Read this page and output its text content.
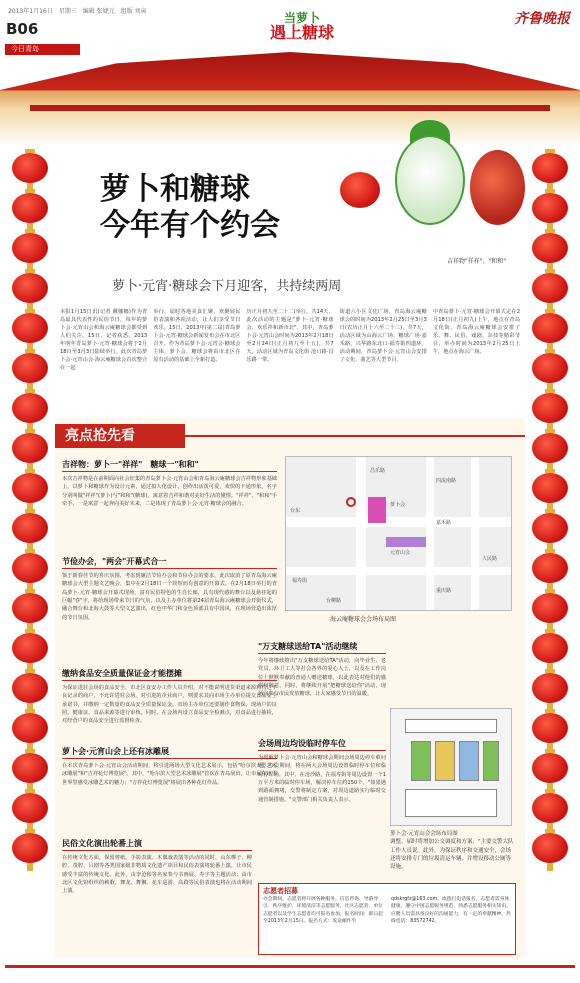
2013年1月16日　星期三　编辑 张婕元　组版 刘寅
B06
今日青岛
齐鲁晚报
当萝卜
遇上糖球
吉祥物"祥祥"、"和和"
萝卜和糖球
今年有个约会
萝卜·元宵·糖球会下月迎客，共持续两周
本报1月15日讯(记者 戴娜娜)作为青岛最具代表性的民俗节日，每年的萝卜会·元宵山会和海云庵糖球会都受到人们关注。15日，记者获悉，2013年明年青岛萝卜·元宵·糖球会将于2月18日至3月3日陆续举行。此次青岛萝卜会·元宵山会·海云庵糖球会首次整合在一起
举行，届时各地美食汇聚，欢聚展民俗表演和各项活动，让人们享受节日欢乐。15日，2013年(第二届)青岛萝卜会·元宵·糖球会新闻发布会在市北区召开。作为青岛萝卜会·元宵会·糖球会主体，萝卜会、糖球会将由市北区在原有活动的基础上全新打造。
历正月初九至二十二)举行，共14天，此次活动的主题是"萝卜·元宵·糖球会，欢乐祥和新市北"。其中，青岛萝卜会·元宵山会时间为2013年2月18日至2月24日(正月初九至十五)，共7天，活动区域为青岛文化街·沧口路·昌乐路一带。
街道六小区文化广场，青岛海云庵糖球会的时间为2013年2月25日至3月3日(农历正月十六至二十二)，共7天，活动区域为山海云广场，糖球广场·嘉禾路，兴华路东北口·福寿街四道环。活动期间，青岛萝卜会·元宵山会安排了文化、曲艺等大型节目。
中青岛萝卜·元宵·糖球会开幕式定在2月18日(正月初九)上午，地点在青岛文化街，青岛海云庵糖球会安排了乐、舞、民俗、戏剧、杂技等精彩节目，举办时间为2013年2月25日上午，地点在海云广场。
亮点抢先看
吉祥物：萝卜一"祥祥"　糖球一"和和"
本次吉祥物是在前期面向社会征集的青岛萝卜会·元宵山会和青岛海云庵糖球会吉祥物形象基础上，以萝卜和糖球作为设计元素，通过拟人化设计，创作出活泼可爱、欢快的卡通形象，名字分别叫做"祥祥"(萝卜)与"和和"(糖球)，寓意着吉祥和谐对美好生活的憧憬。"祥祥"、"和和"手牵手，一是寓意一起奔向美好未来，二是体现了青岛萝卜会·元宵·糖球会的融合。
节俭办会，"两会"开幕式合一
鉴于新春佳节的喜庆氛围，考虑到廉洁节俭办会和节俭办会的要求，此次取消了原青岛海云庵糖球会大型主题文艺晚会，集中在2月18日一个简短而有创意的开幕式。在2月18日举行的青岛萝卜·元宵·糖球会开幕式现场，富有民俗特色的生肖长廊，具有现代感的舞台以及悬挂起的巨幅"春"字，将给现场带来节日的气氛，以及主办单位将第24届青岛海云庵糖球会开街仪式，融合舞台和北海大鼓等大型文艺演出，红色中华门和金色顶部具有中国风，在现场营造出浓厚的节日氛围。
缴纳食品安全质量保证金才能摆摊
为保证进驻会场的食品安全，市北区食安办工作人员介绍，对不能说明进货渠道来源和有过不良记录的商户，不允许进驻会场。对引进的企业商户，则要求其向市场主办单位提交食品安全承诺书，并缴纳一定数量的食品安全质量保证金。市场主办单位还要制作食物保，现场户的证照、健康证、食品来源等进行审核。同时，在会场内设立食品安全检测点，对食品进行抽检，对经营户的食品安全进行监督检查。
萝卜会·元宵山会上还有冰雕展
在本次青岛萝卜会·元宵山会活动期间，将引进两场大型文化艺术展示，包括"哈尔滨大型艺术冰雕展"和"吉祥花灯博览展"。其中，"哈尔滨大型艺术冰雕展"首次在青岛展出，让市民在冰雪世界里感受冰雕艺术的魅力；"吉祥花灯博览展"将展出各种花灯作品。
民俗文化演出轮番上演
在传统文化方面，保留剪纸、手影表演、木偶戏表演等活动的同时，山东梆子、柳腔、茂腔、吕剧等各类国家级非物质文化遗产项目和民俗表演将轮番上演，让市民感受丰富的传统文化。此外，由李沧和等名家参与书画展、寿字等主题活动；由市北区文化馆组织的秧歌、舞龙、舞狮、花车巡游、高跷等民俗表演也将在活动期间上演。
台东
昌乐路
萝卜会
元宵山会
嘉禾路
福寿街
四流南路
人民路
重庆路
台柳路
海云庵糖球会会场布局图
"万支糖球送给TA"活动继续
今年将继续推出"万支糖球送给TA"活动，向毕业生、老党员、环卫工人等社会各界的爱心人士，以及在工作岗位上默默奉献的普通人赠送糖球，以此表达对他们的感谢和敬意。同时，将继续开展"把糖球送给你"活动，现场向参与市民发放糖球，让大家感受节日的温暖。
会场周边均设临时停车位
为缓解萝卜会·元宵山会和糖球会期间会场周边停车难问题，办会期间，将在两大会场周边设置临时停车位和临时停车场。其中，在沧沙路，在福寿街等周边设置一个1万平方米的临时停车场，解决停车位约150个，"如果遇到路面拥堵，交警将制定方案，对周边道路实行临时交通管制措施。"交警部门相关负责人表示。
萝卜会·元宵山会会场布局图
调整。届时将增加公交调度和方案，"主要交警大队工作人员说。此外，为保证秩序和交通安全，会场还将安排专门的垃圾清运车辆，并增设移动公厕等设施。
志愿者招募
办会期间，志愿者将开展各种服务。信息咨询、导游导引、秩序维护、环境清洁等志愿服务，社区志愿者、单位志愿者以及学生志愿者均可报名参加。报名时间：即日起至2013年2月15日。报名方式：发送邮件至qdskrgfz@163.com，或拨打电话报名。志愿者需身体健康，遵守中国志愿服务规范，熟悉志愿服务相关知识。应聘人员需具备良好的沟通能力，有一定的奉献精神。热线电话：83572742。
